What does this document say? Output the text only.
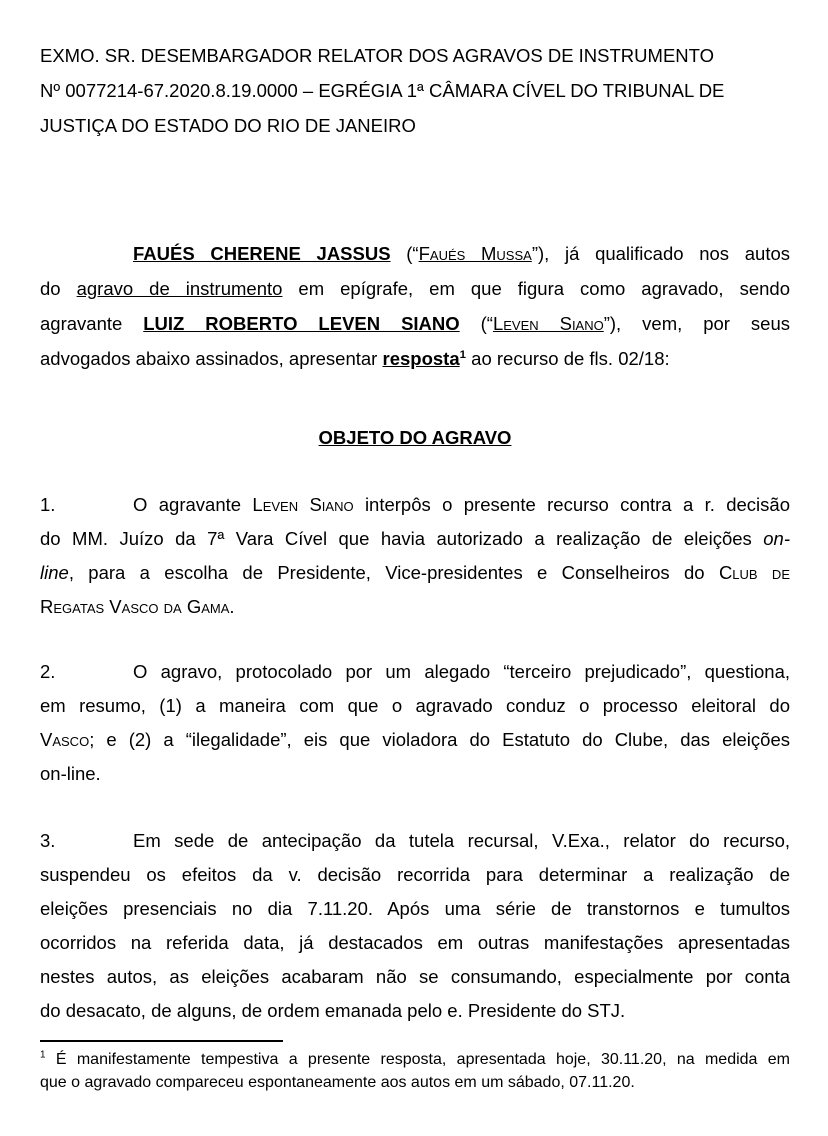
EXMO. SR. DESEMBARGADOR RELATOR DOS AGRAVOS DE INSTRUMENTO
Nº 0077214-67.2020.8.19.0000 – EGRÉGIA 1ª CÂMARA CÍVEL DO TRIBUNAL DE
JUSTIÇA DO ESTADO DO RIO DE JANEIRO
FAUÉS CHERENE JASSUS (“Faués Mussa”), já qualificado nos autos
do agravo de instrumento em epígrafe, em que figura como agravado, sendo
agravante LUIZ ROBERTO LEVEN SIANO (“Leven Siano”), vem, por seus
advogados abaixo assinados, apresentar resposta$^1$ ao recurso de fls. 02/18:
OBJETO DO AGRAVO
1.	O agravante Leven Siano interpôs o presente recurso contra a r. decisão
do MM. Juízo da 7ª Vara Cível que havia autorizado a realização de eleições on-
line, para a escolha de Presidente, Vice-presidentes e Conselheiros do Club de
Regatas Vasco da Gama.
2.	O agravo, protocolado por um alegado “terceiro prejudicado”, questiona,
em resumo, (1) a maneira com que o agravado conduz o processo eleitoral do
Vasco; e (2) a “ilegalidade”, eis que violadora do Estatuto do Clube, das eleições
on-line.
3.	Em sede de antecipação da tutela recursal, V.Exa., relator do recurso,
suspendeu os efeitos da v. decisão recorrida para determinar a realização de
eleições presenciais no dia 7.11.20. Após uma série de transtornos e tumultos
ocorridos na referida data, já destacados em outras manifestações apresentadas
nestes autos, as eleições acabaram não se consumando, especialmente por conta
do desacato, de alguns, de ordem emanada pelo e. Presidente do STJ.
$^1$ É manifestamente tempestiva a presente resposta, apresentada hoje, 30.11.20, na medida em
que o agravado compareceu espontaneamente aos autos em um sábado, 07.11.20.
